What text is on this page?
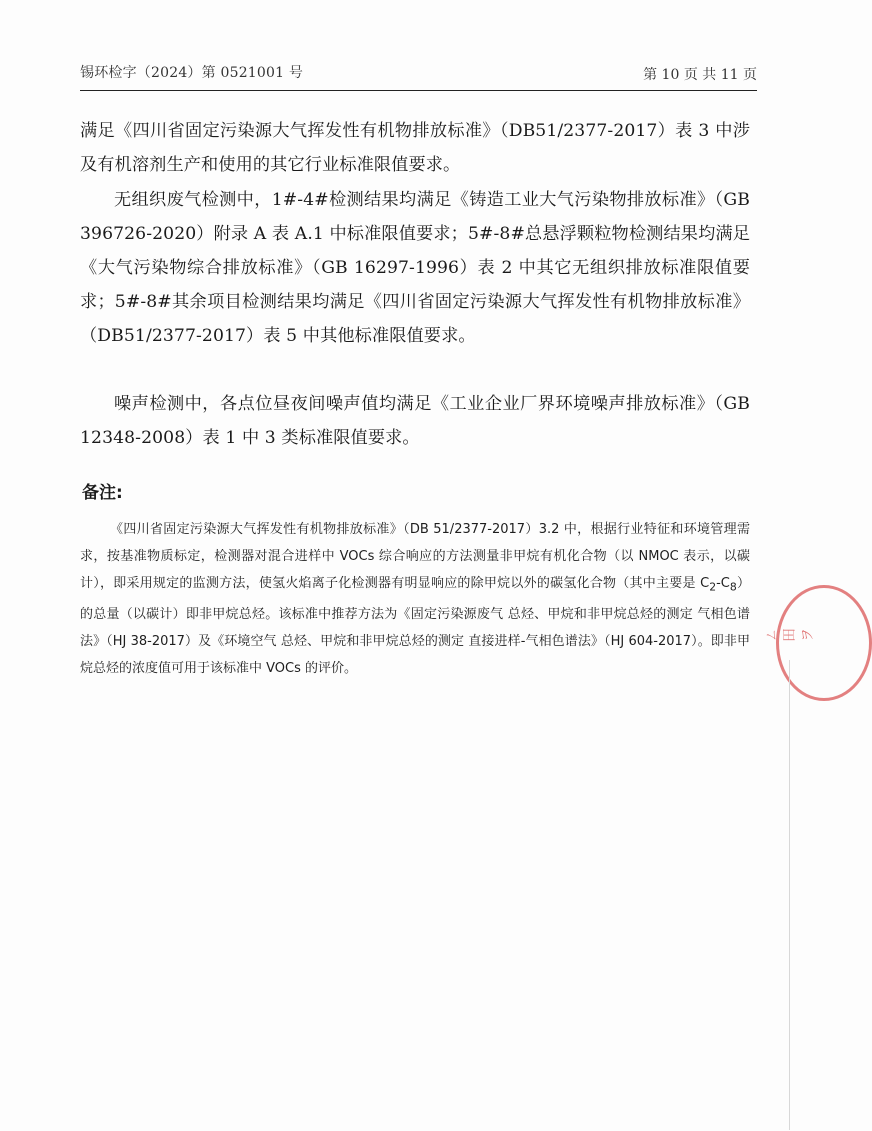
锡环检字（2024）第 0521001 号	第 10 页 共 11 页

满足《四川省固定污染源大气挥发性有机物排放标准》（DB51/2377-2017）表 3 中涉及有机溶剂生产和使用的其它行业标准限值要求。

无组织废气检测中，1#-4#检测结果均满足《铸造工业大气污染物排放标准》（GB 396726-2020）附录 A 表 A.1 中标准限值要求；5#-8#总悬浮颗粒物检测结果均满足《大气污染物综合排放标准》（GB 16297-1996）表 2 中其它无组织排放标准限值要求；5#-8#其余项目检测结果均满足《四川省固定污染源大气挥发性有机物排放标准》（DB51/2377-2017）表 5 中其他标准限值要求。

噪声检测中，各点位昼夜间噪声值均满足《工业企业厂界环境噪声排放标准》（GB 12348-2008）表 1 中 3 类标准限值要求。

备注:
《四川省固定污染源大气挥发性有机物排放标准》（DB 51/2377-2017）3.2 中，根据行业特征和环境管理需求，按基准物质标定，检测器对混合进样中 VOCs 综合响应的方法测量非甲烷有机化合物（以 NMOC 表示，以碳计），即采用规定的监测方法，使氢火焰离子化检测器有明显响应的除甲烷以外的碳氢化合物（其中主要是 $C_2-C_8$）的总量（以碳计）即非甲烷总烃。该标准中推荐方法为《固定污染源废气 总烃、甲烷和非甲烷总烃的测定 气相色谱法》（HJ 38-2017）及《环境空气 总烃、甲烷和非甲烷总烃的测定 直接进样-气相色谱法》（HJ 604-2017）。即非甲烷总烃的浓度值可用于该标准中 VOCs 的评价。
ㄥ田ヲ
